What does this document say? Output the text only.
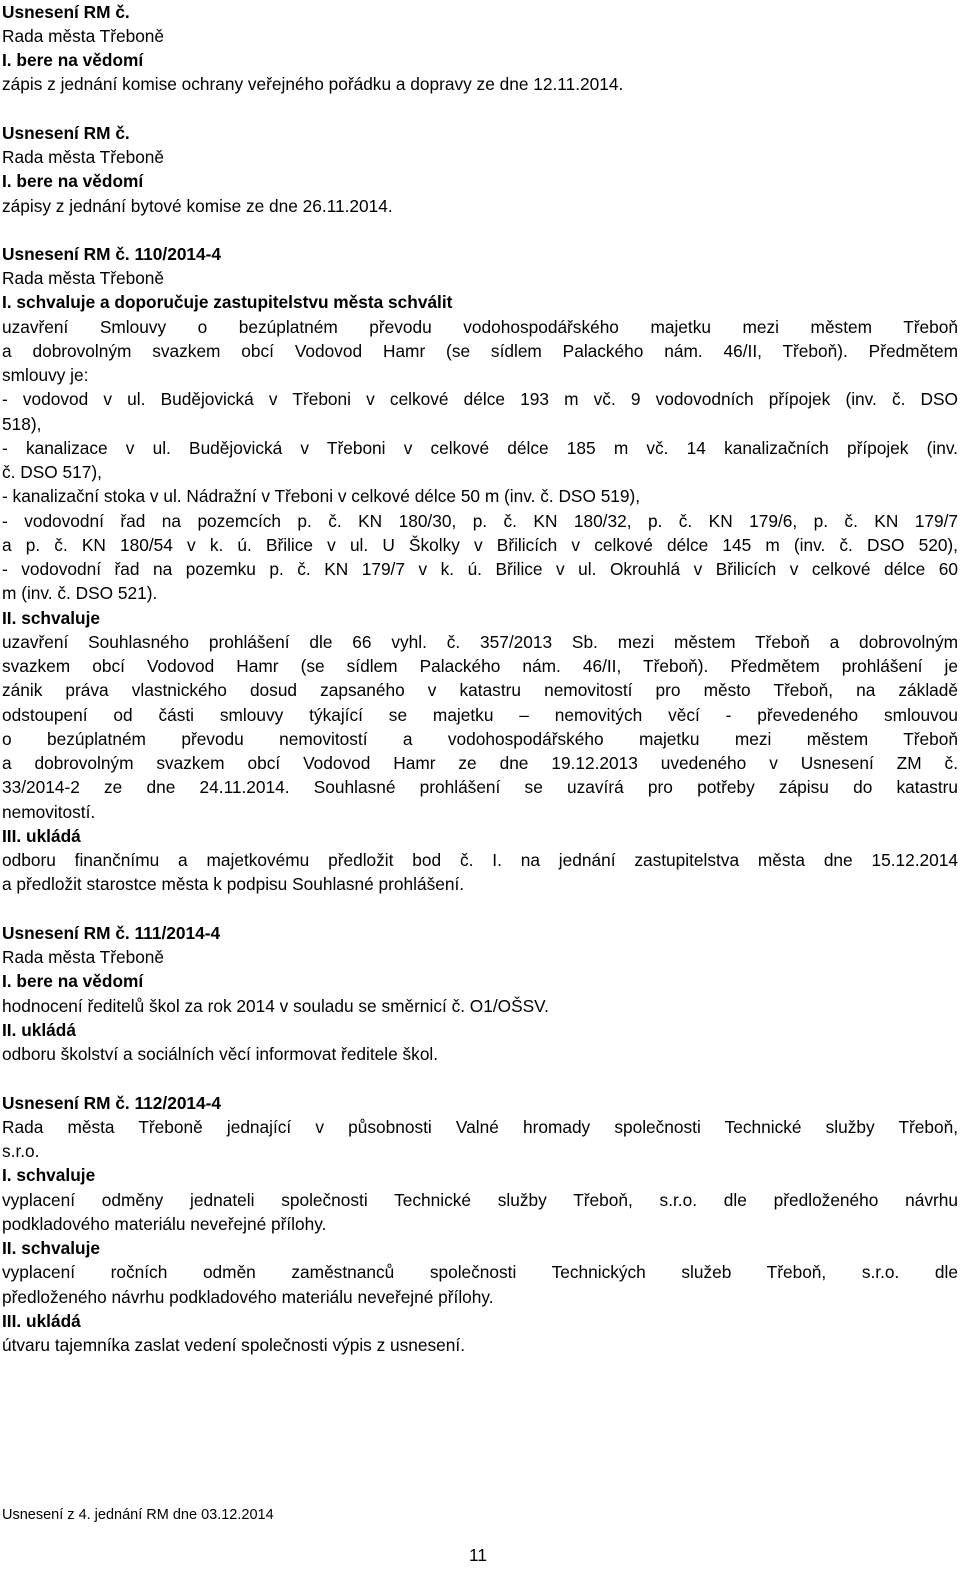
Usnesení RM č.
Rada města Třeboně
I. bere na vědomí
zápis z jednání komise ochrany veřejného pořádku a dopravy ze dne 12.11.2014.
Usnesení RM č.
Rada města Třeboně
I. bere na vědomí
zápisy z jednání bytové komise ze dne 26.11.2014.
Usnesení RM č. 110/2014-4
Rada města Třeboně
I. schvaluje a doporučuje zastupitelstvu města schválit
uzavření Smlouvy o bezúplatném převodu vodohospodářského majetku mezi městem Třeboň
a dobrovolným svazkem obcí Vodovod Hamr (se sídlem Palackého nám. 46/II, Třeboň). Předmětem
smlouvy je:
- vodovod v ul. Budějovická v Třeboni v celkové délce 193 m vč. 9 vodovodních přípojek (inv. č. DSO
518),
- kanalizace v ul. Budějovická v Třeboni v celkové délce 185 m vč. 14 kanalizačních přípojek (inv.
č. DSO 517),
- kanalizační stoka v ul. Nádražní v Třeboni v celkové délce 50 m (inv. č. DSO 519),
- vodovodní řad na pozemcích p. č. KN 180/30, p. č. KN 180/32, p. č. KN 179/6, p. č. KN 179/7
a p. č. KN 180/54 v k. ú. Břilice v ul. U Školky v Břilicích v celkové délce 145 m (inv. č. DSO 520),
- vodovodní řad na pozemku p. č. KN 179/7 v k. ú. Břilice v ul. Okrouhlá v Břilicích v celkové délce 60
m (inv. č. DSO 521).
II. schvaluje
uzavření Souhlasného prohlášení dle 66 vyhl. č. 357/2013 Sb. mezi městem Třeboň a dobrovolným
svazkem obcí Vodovod Hamr (se sídlem Palackého nám. 46/II, Třeboň). Předmětem prohlášení je
zánik práva vlastnického dosud zapsaného v katastru nemovitostí pro město Třeboň, na základě
odstoupení od části smlouvy týkající se majetku – nemovitých věcí - převedeného smlouvou
o bezúplatném převodu nemovitostí a vodohospodářského majetku mezi městem Třeboň
a dobrovolným svazkem obcí Vodovod Hamr ze dne 19.12.2013 uvedeného v Usnesení ZM č.
33/2014-2 ze dne 24.11.2014. Souhlasné prohlášení se uzavírá pro potřeby zápisu do katastru
nemovitostí.
III. ukládá
odboru finančnímu a majetkovému předložit bod č. I. na jednání zastupitelstva města dne 15.12.2014
a předložit starostce města k podpisu Souhlasné prohlášení.
Usnesení RM č. 111/2014-4
Rada města Třeboně
I. bere na vědomí
hodnocení ředitelů škol za rok 2014 v souladu se směrnicí č. O1/OŠSV.
II. ukládá
odboru školství a sociálních věcí informovat ředitele škol.
Usnesení RM č. 112/2014-4
Rada města Třeboně jednající v působnosti Valné hromady společnosti Technické služby Třeboň,
s.r.o.
I. schvaluje
vyplacení odměny jednateli společnosti Technické služby Třeboň, s.r.o. dle předloženého návrhu
podkladového materiálu neveřejné přílohy.
II. schvaluje
vyplacení ročních odměn zaměstnanců společnosti Technických služeb Třeboň, s.r.o. dle
předloženého návrhu podkladového materiálu neveřejné přílohy.
III. ukládá
útvaru tajemníka zaslat vedení společnosti výpis z usnesení.
Usnesení z 4. jednání RM dne 03.12.2014
11
